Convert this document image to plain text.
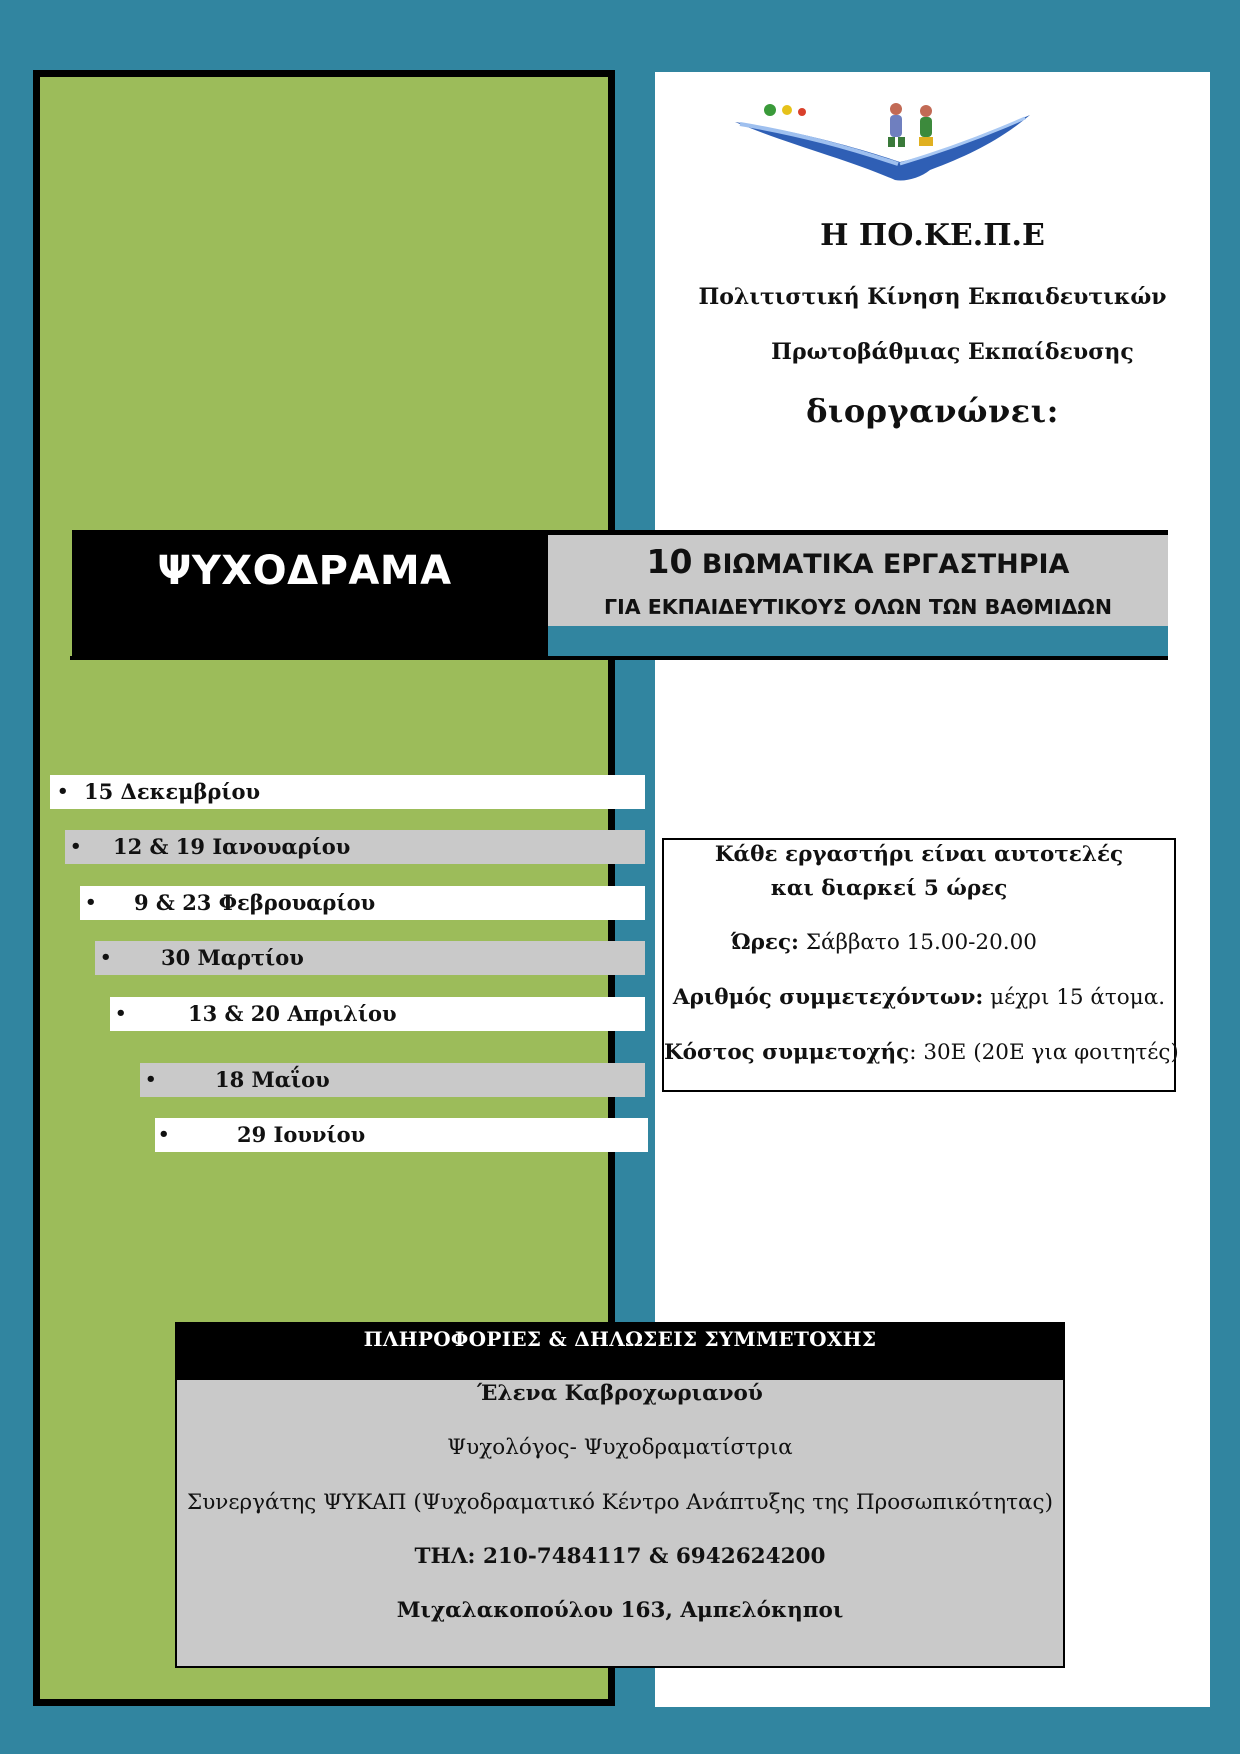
Η ΠΟ.ΚΕ.Π.Ε
Πολιτιστική Κίνηση Εκπαιδευτικών
Πρωτοβάθμιας Εκπαίδευσης
διοργανώνει:
ΨΥΧΟΔΡΑΜΑ	10 ΒΙΩΜΑΤΙΚΑ ΕΡΓΑΣΤΗΡΙΑ
ΓΙΑ ΕΚΠΑΙΔΕΥΤΙΚΟΥΣ ΟΛΩΝ ΤΩΝ ΒΑΘΜΙΔΩΝ
• 15 Δεκεμβρίου
• 12 & 19 Ιανουαρίου
• 9 & 23 Φεβρουαρίου
• 30 Μαρτίου
•	13 & 20 Απριλίου
•	18 Μαΐου
•	29 Ιουνίου
Κάθε εργαστήρι είναι αυτοτελές
και διαρκεί 5 ώρες
Ώρες: Σάββατο 15.00-20.00
Αριθμός συμμετεχόντων: μέχρι 15 άτομα.
Κόστος συμμετοχής: 30Ε (20Ε για φοιτητές)
ΠΛΗΡΟΦΟΡΙΕΣ & ΔΗΛΩΣΕΙΣ ΣΥΜΜΕΤΟΧΗΣ
Έλενα Καβροχωριανού
Ψυχολόγος- Ψυχοδραματίστρια
Συνεργάτης ΨΥΚΑΠ (Ψυχοδραματικό Κέντρο Ανάπτυξης της Προσωπικότητας)
ΤΗΛ: 210-7484117 & 6942624200
Μιχαλακοπούλου 163, Αμπελόκηποι
